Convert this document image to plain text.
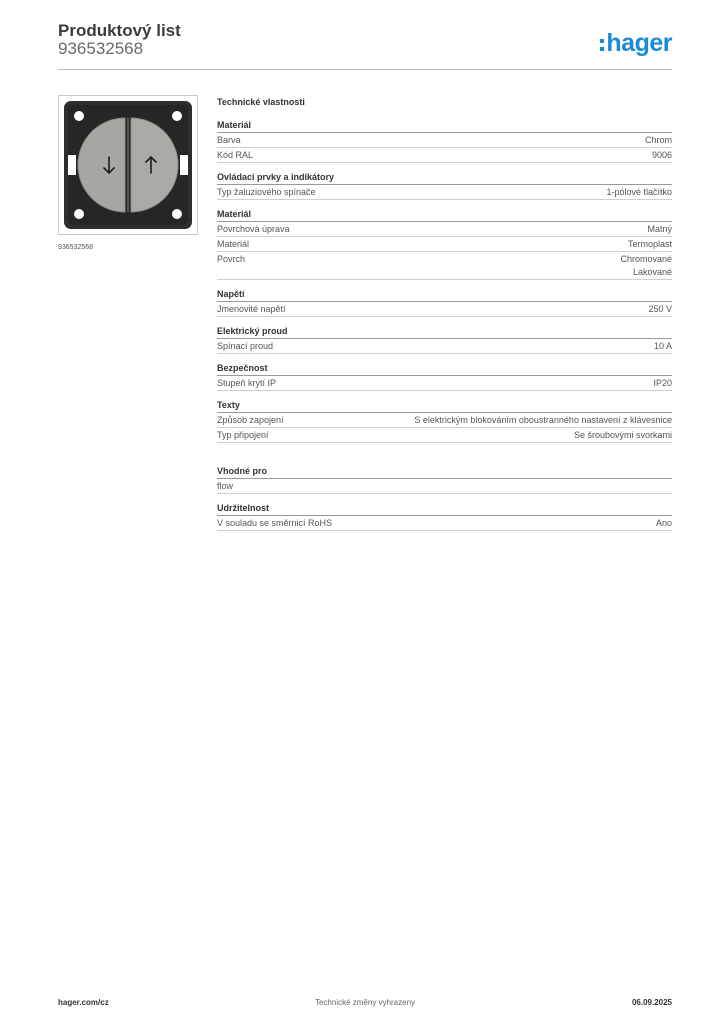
Produktový list
936532568	hager
936532568
Technické vlastnosti
Materiál
Barva	Chrom
Kód RAL	9006
Ovládací prvky a indikátory
Typ žaluziového spínače	1-pólové tlačítko
Materiál
Povrchová úprava	Matný
Materiál	Termoplast
Povrch	Chromované
Lakované
Napětí
Jmenovité napětí	250 V
Elektrický proud
Spínací proud	10 A
Bezpečnost
Stupeň krytí IP	IP20
Texty
Způsob zapojení	S elektrickým blokováním oboustranného nastavení z klávesnice
Typ připojení	Se šroubovými svorkami
Vhodné pro
flow
Udržitelnost
V souladu se směrnicí RoHS	Ano
hager.com/cz	Technické změny vyhrazeny	06.09.2025
